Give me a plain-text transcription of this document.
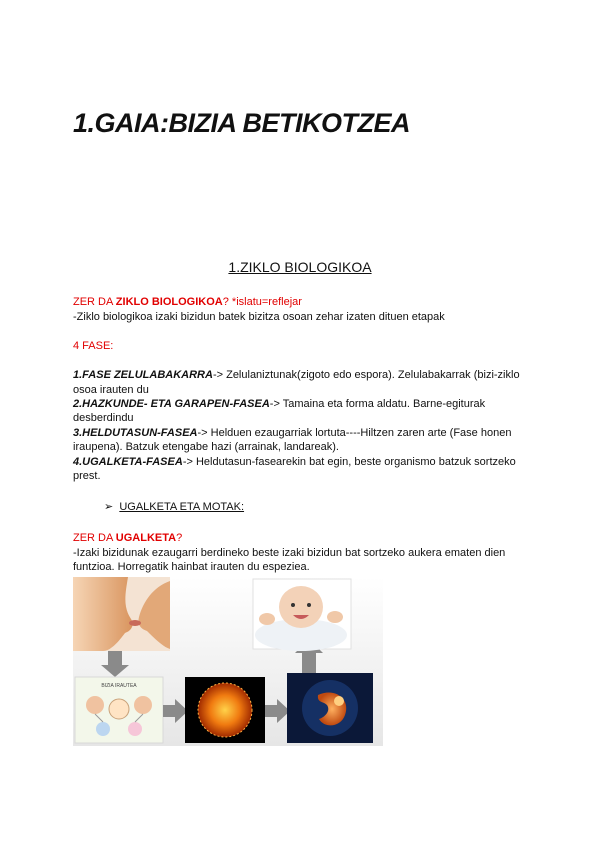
1.GAIA:BIZIA BETIKOTZEA
1.ZIKLO BIOLOGIKOA
ZER DA ZIKLO BIOLOGIKOA? *islatu=reflejar
-Ziklo biologikoa izaki bizidun batek bizitza osoan zehar izaten dituen etapak
4 FASE:
1.FASE ZELULABAKARRA-> Zelulaniztunak(zigoto edo espora). Zelulabakarrak (bizi-ziklo
osoa irauten du
2.HAZKUNDE- ETA GARAPEN-FASEA-> Tamaina eta forma aldatu. Barne-egiturak
desberdindu
3.HELDUTASUN-FASEA-> Helduen ezaugarriak lortuta----Hiltzen zaren arte (Fase honen
iraupena). Batzuk etengabe hazi (arrainak, landareak).
4.UGALKETA-FASEA-> Heldutasun-fasearekin bat egin, beste organismo batzuk sortzeko
prest.
➢ UGALKETA ETA MOTAK:
ZER DA UGALKETA?
-Izaki bizidunak ezaugarri berdineko beste izaki bizidun bat sortzeko aukera ematen dien
funtzioa. Horregatik hainbat irauten du espeziea.
BIZIA IRAUTEA
